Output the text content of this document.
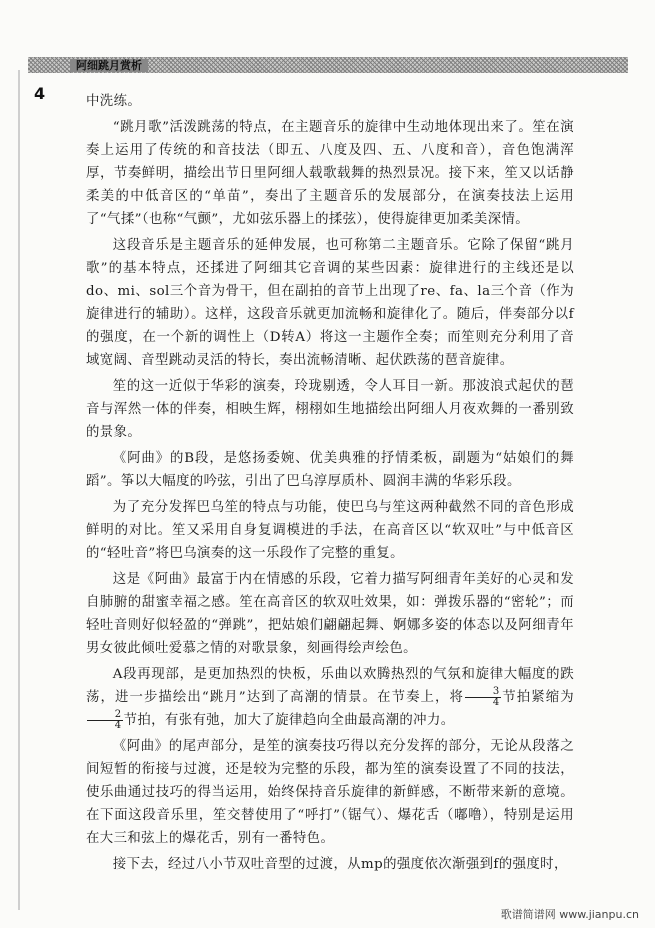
阿细跳月赏析
4	中洗练。

“跳月歌”活泼跳荡的特点，在主题音乐的旋律中生动地体现出来了。笙在演奏上运用了传统的和音技法（即五、八度及四、五、八度和音），音色饱满浑厚，节奏鲜明，描绘出节日里阿细人载歌载舞的热烈景况。接下来，笙又以话静柔美的中低音区的“单苗”，奏出了主题音乐的发展部分，在演奏技法上运用了“气揉”（也称“气颤”，尤如弦乐器上的揉弦），使得旋律更加柔美深情。

这段音乐是主题音乐的延伸发展，也可称第二主题音乐。它除了保留“跳月歌”的基本特点，还揉进了阿细其它音调的某些因素：旋律进行的主线还是以do、mi、sol三个音为骨干，但在副拍的音节上出现了re、fa、la三个音（作为旋律进行的辅助）。这样，这段音乐就更加流畅和旋律化了。随后，伴奏部分以f的强度，在一个新的调性上（D转A）将这一主题作全奏；而笙则充分利用了音域宽阔、音型跳动灵活的特长，奏出流畅清晰、起伏跌荡的琶音旋律。

笙的这一近似于华彩的演奏，玲珑剔透，令人耳目一新。那波浪式起伏的琶音与浑然一体的伴奏，相映生辉，栩栩如生地描绘出阿细人月夜欢舞的一番别致的景象。

《阿曲》的B段，是悠扬委婉、优美典雅的抒情柔板，副题为“姑娘们的舞蹈”。筝以大幅度的吟弦，引出了巴乌淳厚质朴、圆润丰满的华彩乐段。

为了充分发挥巴乌笙的特点与功能，使巴乌与笙这两种截然不同的音色形成鲜明的对比。笙又采用自身复调模进的手法，在高音区以“软双吐”与中低音区的“轻吐音”将巴乌演奏的这一乐段作了完整的重复。

这是《阿曲》最富于内在情感的乐段，它着力描写阿细青年美好的心灵和发自肺腑的甜蜜幸福之感。笙在高音区的软双吐效果，如：弹拨乐器的“密轮”；而轻吐音则好似轻盈的“弹跳”，把姑娘们翩翩起舞、婀娜多姿的体态以及阿细青年男女彼此倾吐爱慕之情的对歌景象，刻画得绘声绘色。

A段再现部，是更加热烈的快板，乐曲以欢腾热烈的气氛和旋律大幅度的跌荡，进一步描绘出“跳月”达到了高潮的情景。在节奏上，将 $\frac{3}{4}$ 节拍紧缩为
$\frac{2}{4}$ 节拍，有张有弛，加大了旋律趋向全曲最高潮的冲力。

《阿曲》的尾声部分，是笙的演奏技巧得以充分发挥的部分，无论从段落之间短暂的衔接与过渡，还是较为完整的乐段，都为笙的演奏设置了不同的技法，使乐曲通过技巧的得当运用，始终保持音乐旋律的新鲜感，不断带来新的意境。在下面这段音乐里，笙交替使用了“呼打”（锯气）、爆花舌（嘟噜），特别是运用在大三和弦上的爆花舌，别有一番特色。

接下去，经过八小节双吐音型的过渡，从mp的强度依次渐强到f的强度时，

歌谱简谱网 www.jianpu.cn
